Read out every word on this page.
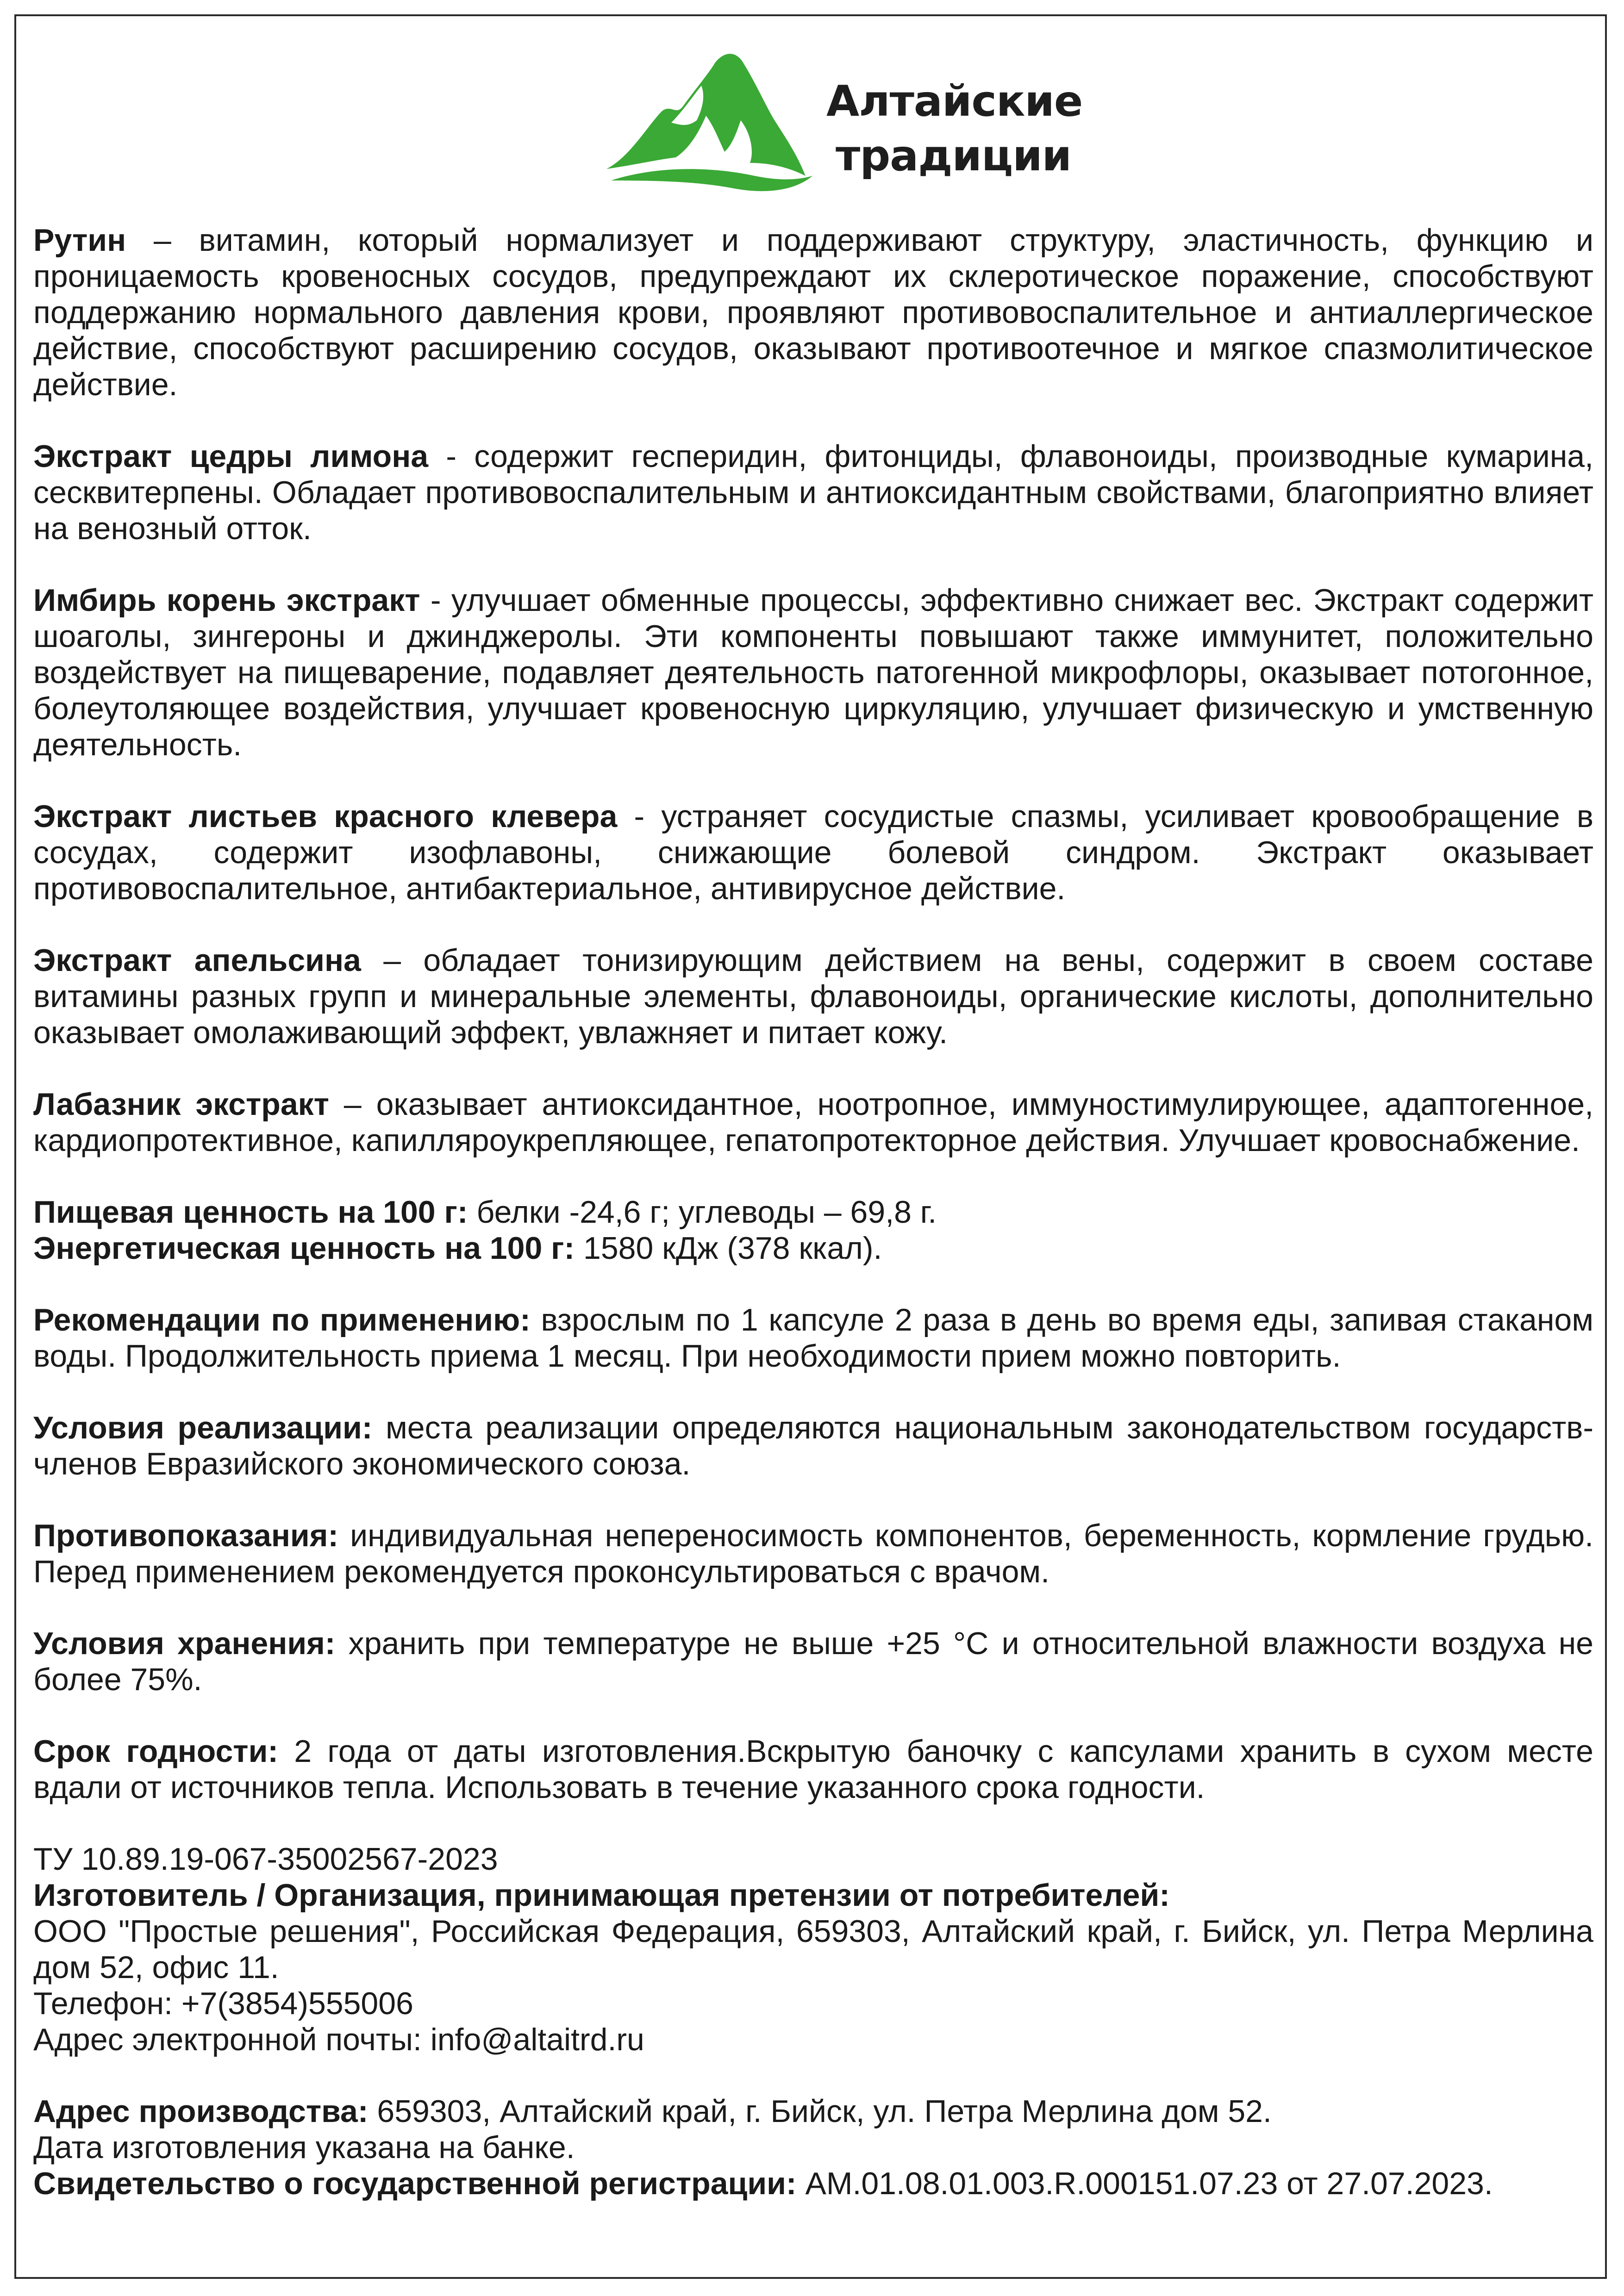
Алтайские
традиции

Рутин – витамин, который нормализует и поддерживают структуру, эластичность, функцию и проницаемость кровеносных сосудов, предупреждают их склеротическое поражение, способствуют поддержанию нормального давления крови, проявляют противовоспалительное и антиаллергическое действие, способствуют расширению сосудов, оказывают противоотечное и мягкое спазмолитическое действие.

Экстракт цедры лимона - содержит гесперидин, фитонциды, флавоноиды, производные кумарина, сесквитерпены. Обладает противовоспалительным и антиоксидантным свойствами, благоприятно влияет на венозный отток.

Имбирь корень экстракт - улучшает обменные процессы, эффективно снижает вес. Экстракт содержит шоаголы, зингероны и джинджеролы. Эти компоненты повышают также иммунитет, положительно воздействует на пищеварение, подавляет деятельность патогенной микрофлоры, оказывает потогонное, болеутоляющее воздействия, улучшает кровеносную циркуляцию, улучшает физическую и умственную деятельность.

Экстракт листьев красного клевера - устраняет сосудистые спазмы, усиливает кровообращение в сосудах, содержит изофлавоны, снижающие болевой синдром. Экстракт оказывает противовоспалительное, антибактериальное, антивирусное действие.

Экстракт апельсина – обладает тонизирующим действием на вены, содержит в своем составе витамины разных групп и минеральные элементы, флавоноиды, органические кислоты, дополнительно оказывает омолаживающий эффект, увлажняет и питает кожу.

Лабазник экстракт – оказывает антиоксидантное, ноотропное, иммуностимулирующее, адаптогенное, кардиопротективное, капилляроукрепляющее, гепатопротекторное действия. Улучшает кровоснабжение.

Пищевая ценность на 100 г: белки -24,6 г; углеводы – 69,8 г.
Энергетическая ценность на 100 г: 1580 кДж (378 ккал).

Рекомендации по применению: взрослым по 1 капсуле 2 раза в день во время еды, запивая стаканом воды. Продолжительность приема 1 месяц. При необходимости прием можно повторить.

Условия реализации: места реализации определяются национальным законодательством государств-членов Евразийского экономического союза.

Противопоказания: индивидуальная непереносимость компонентов, беременность, кормление грудью. Перед применением рекомендуется проконсультироваться с врачом.

Условия хранения: хранить при температуре не выше +25 °С и относительной влажности воздуха не более 75%.

Срок годности: 2 года от даты изготовления.Вскрытую баночку с капсулами хранить в сухом месте вдали от источников тепла. Использовать в течение указанного срока годности.

ТУ 10.89.19-067-35002567-2023
Изготовитель / Организация, принимающая претензии от потребителей:
ООО "Простые решения", Российская Федерация, 659303, Алтайский край, г. Бийск, ул. Петра Мерлина дом 52, офис 11.
Телефон: +7(3854)555006
Адрес электронной почты: info@altaitrd.ru

Адрес производства: 659303, Алтайский край, г. Бийск, ул. Петра Мерлина дом 52.
Дата изготовления указана на банке.
Свидетельство о государственной регистрации: АМ.01.08.01.003.R.000151.07.23 от 27.07.2023.
